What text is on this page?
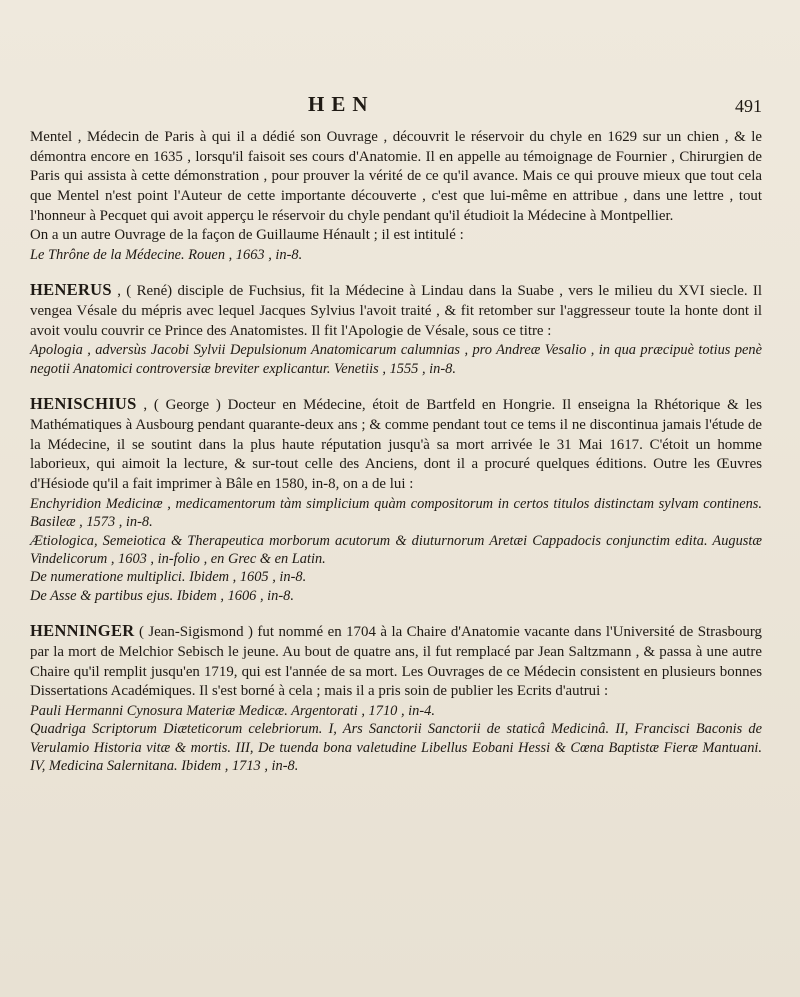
HEN	491

Mentel , Médecin de Paris à qui il a dédié son Ouvrage , découvrit le réservoir du chyle en 1629 sur un chien , & le démontra encore en 1635 , lorsqu'il faisoit ses cours d'Anatomie. Il en appelle au témoignage de Fournier , Chirurgien de Paris qui assista à cette démonstration , pour prouver la vérité de ce qu'il avance. Mais ce qui prouve mieux que tout cela que Mentel n'est point l'Auteur de cette importante découverte , c'est que lui-même en attribue , dans une lettre , tout l'honneur à Pecquet qui avoit apperçu le réservoir du chyle pendant qu'il étudioit la Médecine à Montpellier.

On a un autre Ouvrage de la façon de Guillaume Hénault ; il est intitulé :

Le Thrône de la Médecine. Rouen , 1663 , in-8.

HENERUS , ( René) disciple de Fuchsius, fit la Médecine à Lindau dans la Suabe , vers le milieu du XVI siecle. Il vengea Vésale du mépris avec lequel Jacques Sylvius l'avoit traité , & fit retomber sur l'aggresseur toute la honte dont il avoit voulu couvrir ce Prince des Anatomistes. Il fit l'Apologie de Vésale, sous ce titre :

Apologia , adversùs Jacobi Sylvii Depulsionum Anatomicarum calumnias , pro Andreæ Vesalio , in qua præcipuè totius penè negotii Anatomici controversiæ breviter explicantur. Venetiis , 1555 , in-8.

HENISCHIUS , ( George ) Docteur en Médecine, étoit de Bartfeld en Hongrie. Il enseigna la Rhétorique & les Mathématiques à Ausbourg pendant quarante-deux ans ; & comme pendant tout ce tems il ne discontinua jamais l'étude de la Médecine, il se soutint dans la plus haute réputation jusqu'à sa mort arrivée le 31 Mai 1617. C'étoit un homme laborieux, qui aimoit la lecture, & sur-tout celle des Anciens, dont il a procuré quelques éditions. Outre les Œuvres d'Hésiode qu'il a fait imprimer à Bâle en 1580, in-8, on a de lui :

Enchyridion Medicinæ , medicamentorum tàm simplicium quàm compositorum in certos titulos distinctam sylvam continens. Basileæ , 1573 , in-8.

Ætiologica, Semeiotica & Therapeutica morborum acutorum & diuturnorum Aretæi Cappadocis conjunctim edita. Augustæ Vindelicorum , 1603 , in-folio , en Grec & en Latin.

De numeratione multiplici. Ibidem , 1605 , in-8.

De Asse & partibus ejus. Ibidem , 1606 , in-8.

HENNINGER ( Jean-Sigismond ) fut nommé en 1704 à la Chaire d'Anatomie vacante dans l'Université de Strasbourg par la mort de Melchior Sebisch le jeune. Au bout de quatre ans, il fut remplacé par Jean Saltzmann , & passa à une autre Chaire qu'il remplit jusqu'en 1719, qui est l'année de sa mort. Les Ouvrages de ce Médecin consistent en plusieurs bonnes Dissertations Académiques. Il s'est borné à cela ; mais il a pris soin de publier les Ecrits d'autrui :

Pauli Hermanni Cynosura Materiæ Medicæ. Argentorati , 1710 , in-4.

Quadriga Scriptorum Diæteticorum celebriorum. I, Ars Sanctorii Sanctorii de staticâ Medicinâ. II, Francisci Baconis de Verulamio Historia vitæ & mortis. III, De tuenda bona valetudine Libellus Eobani Hessi & Cœna Baptistæ Fieræ Mantuani. IV, Medicina Salernitana. Ibidem , 1713 , in-8.
